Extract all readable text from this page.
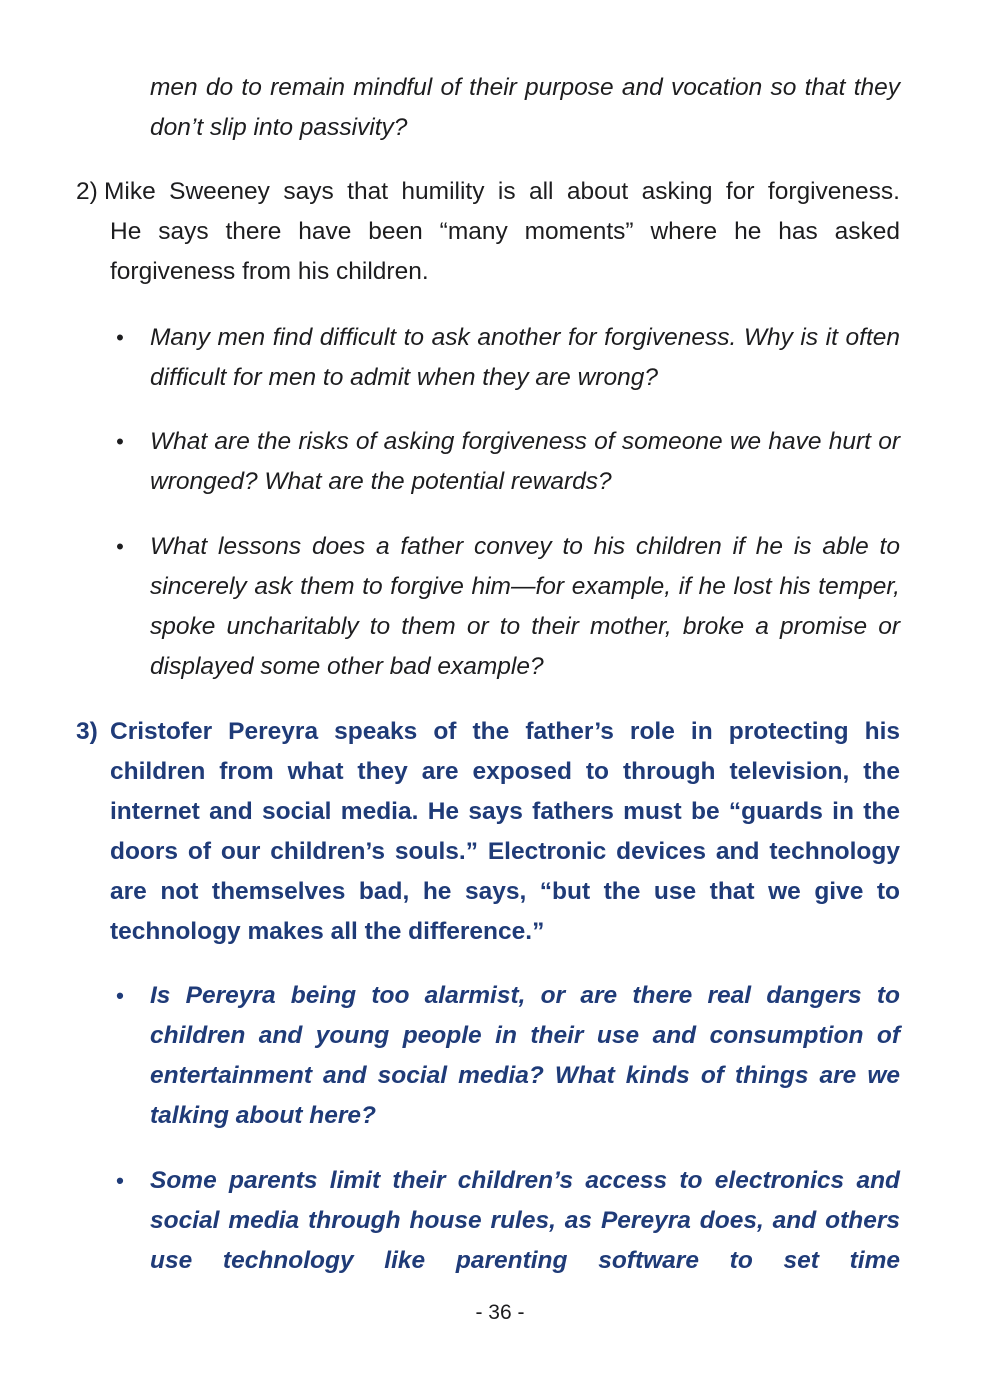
men do to remain mindful of their purpose and vocation so that they don’t slip into passivity?

2) Mike Sweeney says that humility is all about asking for forgiveness.

He says there have been “many moments” where he has asked forgiveness from his children.

• Many men find difficult to ask another for forgiveness. Why is it often difficult for men to admit when they are wrong?

• What are the risks of asking forgiveness of someone we have hurt or wronged? What are the potential rewards?

• What lessons does a father convey to his children if he is able to sincerely ask them to forgive him—for example, if he lost his temper, spoke uncharitably to them or to their mother, broke a promise or displayed some other bad example?

3) Cristofer Pereyra speaks of the father’s role in protecting his children from what they are exposed to through television, the internet and social media. He says fathers must be “guards in the doors of our children’s souls.” Electronic devices and technology are not themselves bad, he says, “but the use that we give to technology makes all the difference.”

• Is Pereyra being too alarmist, or are there real dangers to children and young people in their use and consumption of entertainment and social media? What kinds of things are we talking about here?

• Some parents limit their children’s access to electronics and social media through house rules, as Pereyra does, and others use technology like parenting software to set time

- 36 -
